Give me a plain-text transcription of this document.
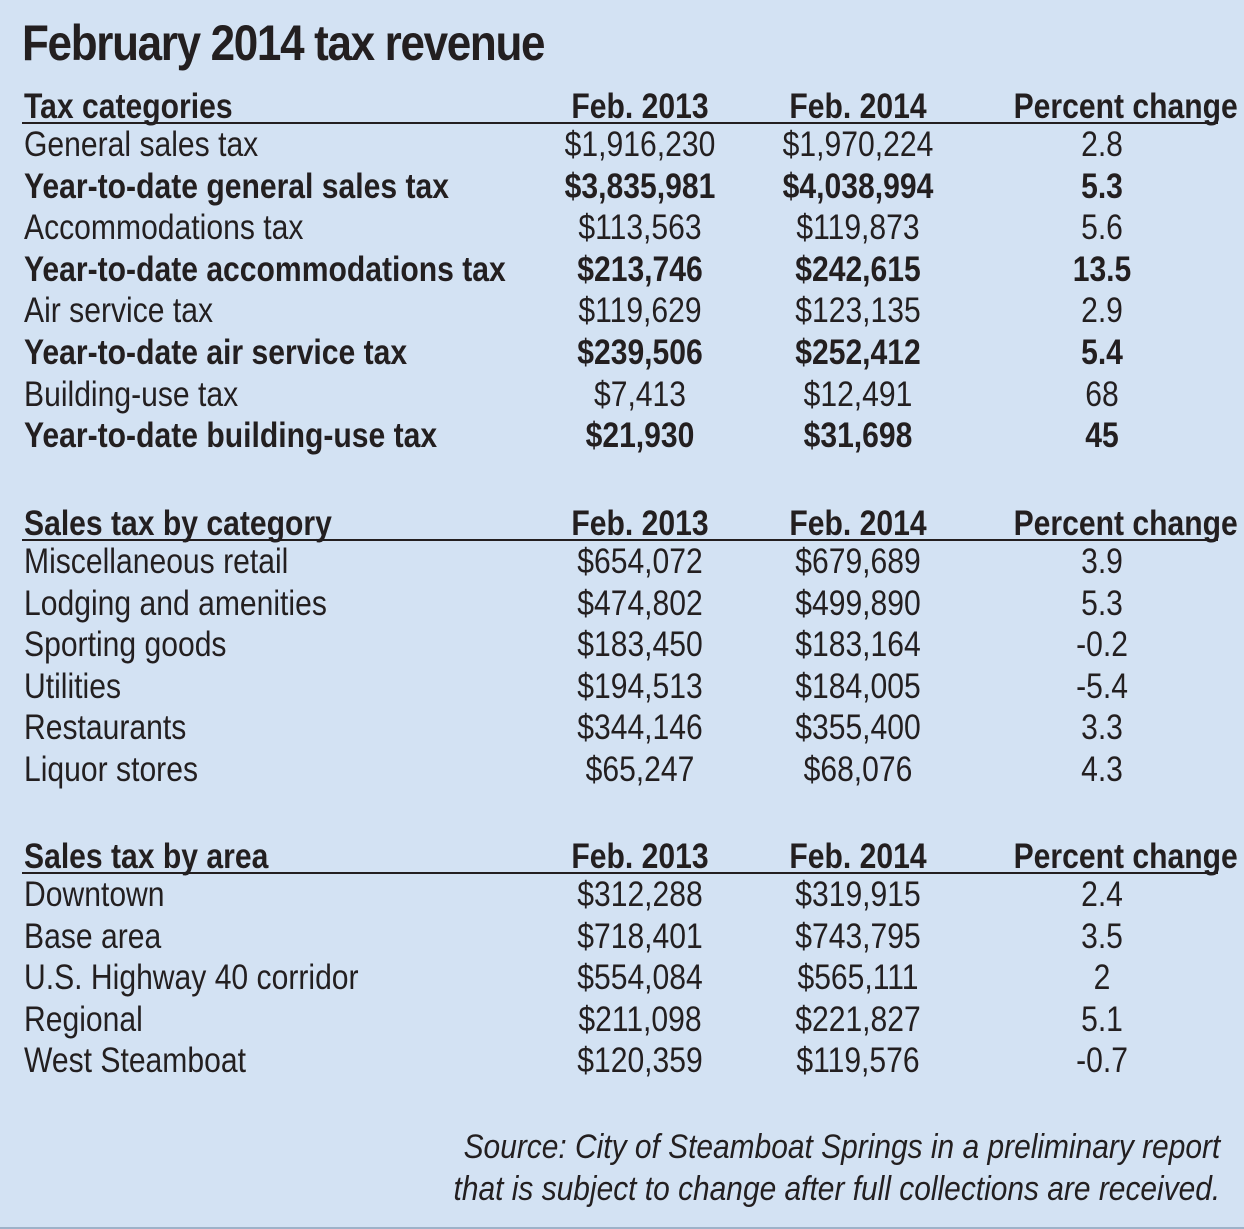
February 2014 tax revenue
Tax categories	Feb. 2013	Feb. 2014	Percent change
General sales tax	$1,916,230	$1,970,224	2.8
Year-to-date general sales tax	$3,835,981	$4,038,994	5.3
Accommodations tax	$113,563	$119,873	5.6
Year-to-date accommodations tax	$213,746	$242,615	13.5
Air service tax	$119,629	$123,135	2.9
Year-to-date air service tax	$239,506	$252,412	5.4
Building-use tax	$7,413	$12,491	68
Year-to-date building-use tax	$21,930	$31,698	45
Sales tax by category	Feb. 2013	Feb. 2014	Percent change
Miscellaneous retail	$654,072	$679,689	3.9
Lodging and amenities	$474,802	$499,890	5.3
Sporting goods	$183,450	$183,164	-0.2
Utilities	$194,513	$184,005	-5.4
Restaurants	$344,146	$355,400	3.3
Liquor stores	$65,247	$68,076	4.3
Sales tax by area	Feb. 2013	Feb. 2014	Percent change
Downtown	$312,288	$319,915	2.4
Base area	$718,401	$743,795	3.5
U.S. Highway 40 corridor	$554,084	$565,111	2
Regional	$211,098	$221,827	5.1
West Steamboat	$120,359	$119,576	-0.7
Source: City of Steamboat Springs in a preliminary report
that is subject to change after full collections are received.
